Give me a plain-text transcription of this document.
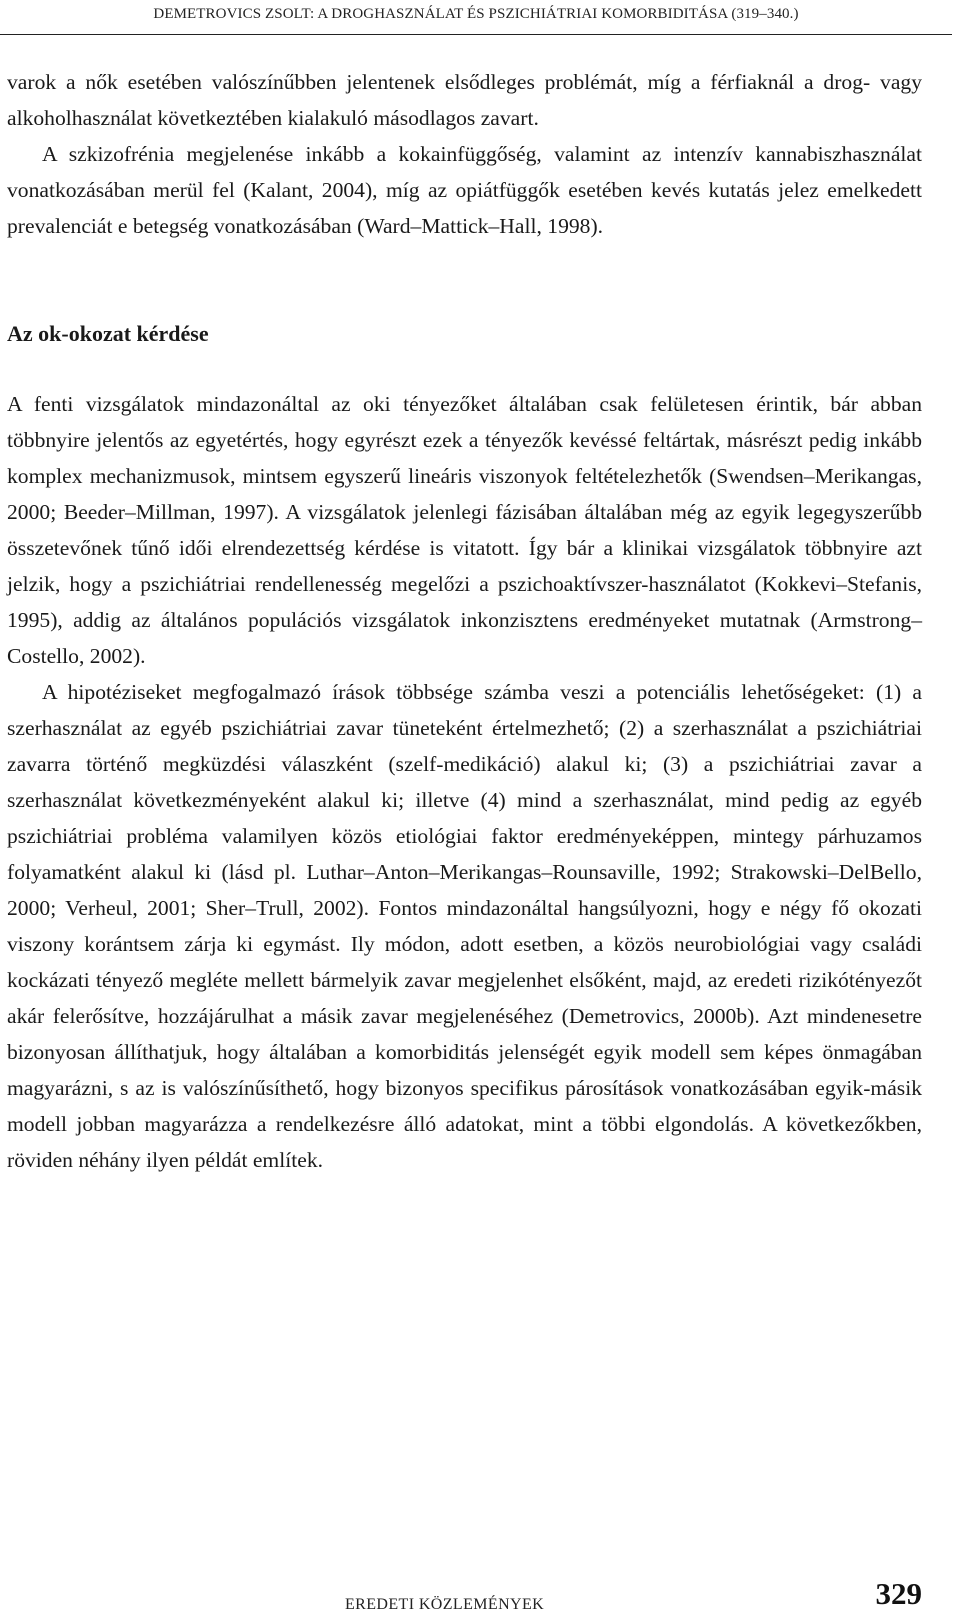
DEMETROVICS ZSOLT: A DROGHASZNÁLAT ÉS PSZICHIÁTRIAI KOMORBIDITÁSA (319–340.)

varok a nők esetében valószínűbben jelentenek elsődleges problémát, míg a férfiaknál a drog- vagy alkoholhasználat következtében kialakuló másodlagos zavart.

A szkizofrénia megjelenése inkább a kokainfüggőség, valamint az intenzív kannabiszhasználat vonatkozásában merül fel (Kalant, 2004), míg az opiátfüggők esetében kevés kutatás jelez emelkedett prevalenciát e betegség vonatkozásában (Ward–Mattick–Hall, 1998).

Az ok-okozat kérdése

A fenti vizsgálatok mindazonáltal az oki tényezőket általában csak felületesen érintik, bár abban többnyire jelentős az egyetértés, hogy egyrészt ezek a tényezők kevéssé feltártak, másrészt pedig inkább komplex mechanizmusok, mintsem egyszerű lineáris viszonyok feltételezhetők (Swendsen–Merikangas, 2000; Beeder–Millman, 1997). A vizsgálatok jelenlegi fázisában általában még az egyik legegyszerűbb összetevőnek tűnő idői elrendezettség kérdése is vitatott. Így bár a klinikai vizsgálatok többnyire azt jelzik, hogy a pszichiátriai rendellenesség megelőzi a pszichoaktívszer-használatot (Kokkevi–Stefanis, 1995), addig az általános populációs vizsgálatok inkonzisztens eredményeket mutatnak (Armstrong–Costello, 2002).

A hipotéziseket megfogalmazó írások többsége számba veszi a potenciális lehetőségeket: (1) a szerhasználat az egyéb pszichiátriai zavar tüneteként értelmezhető; (2) a szerhasználat a pszichiátriai zavarra történő megküzdési válaszként (szelf-medikáció) alakul ki; (3) a pszichiátriai zavar a szerhasználat következményeként alakul ki; illetve (4) mind a szerhasználat, mind pedig az egyéb pszichiátriai probléma valamilyen közös etiológiai faktor eredményeképpen, mintegy párhuzamos folyamatként alakul ki (lásd pl. Luthar–Anton–Merikangas–Rounsaville, 1992; Strakowski–DelBello, 2000; Verheul, 2001; Sher–Trull, 2002). Fontos mindazonáltal hangsúlyozni, hogy e négy fő okozati viszony korántsem zárja ki egymást. Ily módon, adott esetben, a közös neurobiológiai vagy családi kockázati tényező megléte mellett bármelyik zavar megjelenhet elsőként, majd, az eredeti rizikótényezőt akár felerősítve, hozzájárulhat a másik zavar megjelenéséhez (Demetrovics, 2000b). Azt mindenesetre bizonyosan állíthatjuk, hogy általában a komorbiditás jelenségét egyik modell sem képes önmagában magyarázni, s az is valószínűsíthető, hogy bizonyos specifikus párosítások vonatkozásában egyik-másik modell jobban magyarázza a rendelkezésre álló adatokat, mint a többi elgondolás. A következőkben, röviden néhány ilyen példát említek.

EREDETI KÖZLEMÉNYEK	329
